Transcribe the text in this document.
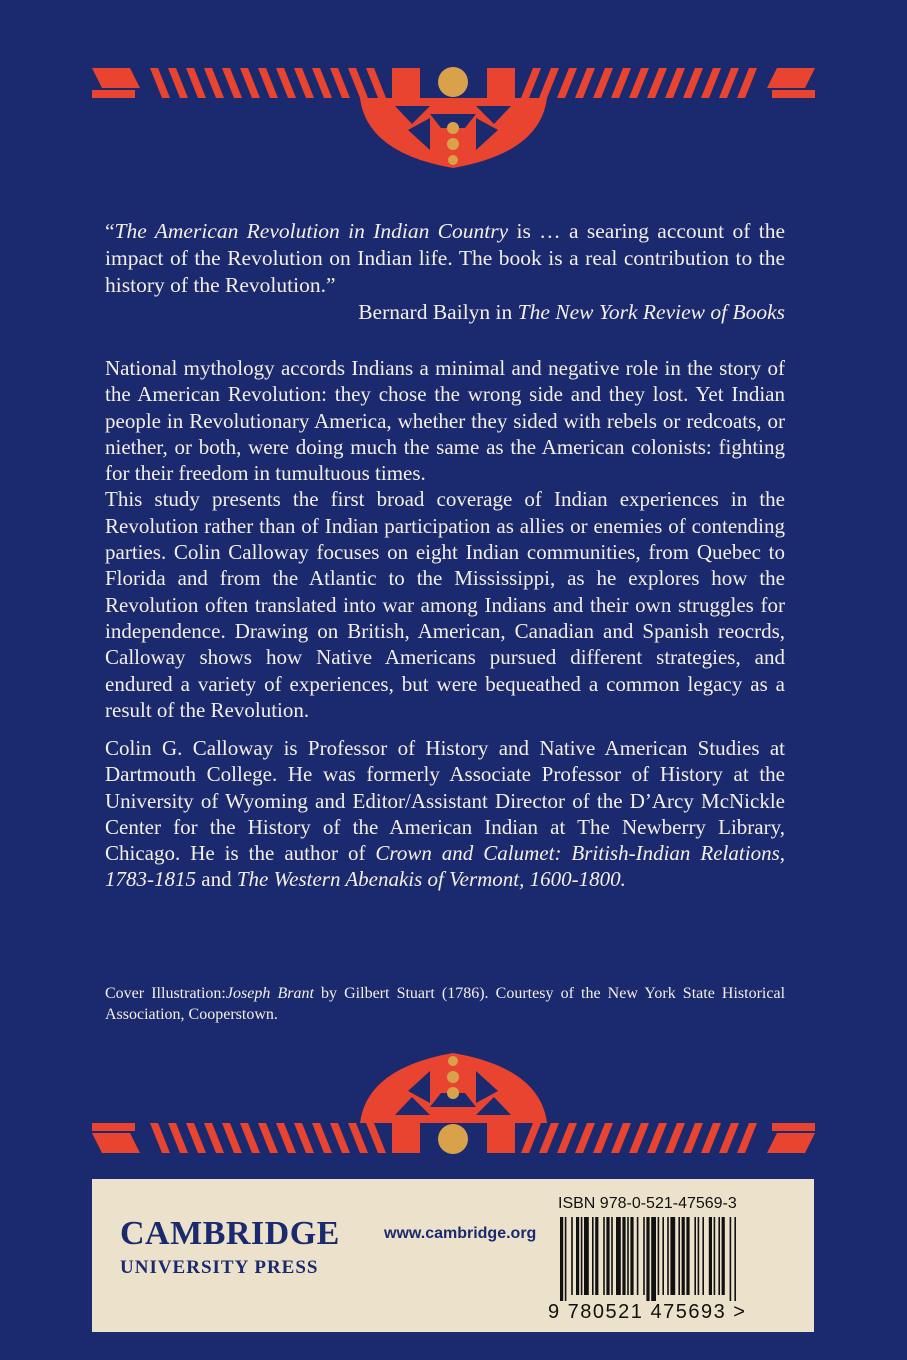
“The American Revolution in Indian Country is … a searing account of the impact of the Revolution on Indian life. The book is a real contribution to the history of the Revolution.”
Bernard Bailyn in The New York Review of Books

National mythology accords Indians a minimal and negative role in the story of the American Revolution: they chose the wrong side and they lost. Yet Indian people in Revolutionary America, whether they sided with rebels or redcoats, or niether, or both, were doing much the same as the American colonists: fighting for their freedom in tumultuous times.

This study presents the first broad coverage of Indian experiences in the Revolution rather than of Indian participation as allies or enemies of contending parties. Colin Calloway focuses on eight Indian communities, from Quebec to Florida and from the Atlantic to the Mississippi, as he explores how the Revolution often translated into war among Indians and their own struggles for independence. Drawing on British, American, Canadian and Spanish reocrds, Calloway shows how Native Americans pursued different strategies, and endured a variety of experiences, but were bequeathed a common legacy as a result of the Revolution.

Colin G. Calloway is Professor of History and Native American Studies at Dartmouth College. He was formerly Associate Professor of History at the University of Wyoming and Editor/Assistant Director of the D’Arcy McNickle Center for the History of the American Indian at The Newberry Library, Chicago. He is the author of Crown and Calumet: British-Indian Relations, 1783-1815 and The Western Abenakis of Vermont, 1600-1800.
Cover Illustration:Joseph Brant by Gilbert Stuart (1786). Courtesy of the New York State Historical Association, Cooperstown.
CAMBRIDGE
UNIVERSITY PRESS
www.cambridge.org
ISBN 978-0-521-47569-3
9 780521 475693 >
